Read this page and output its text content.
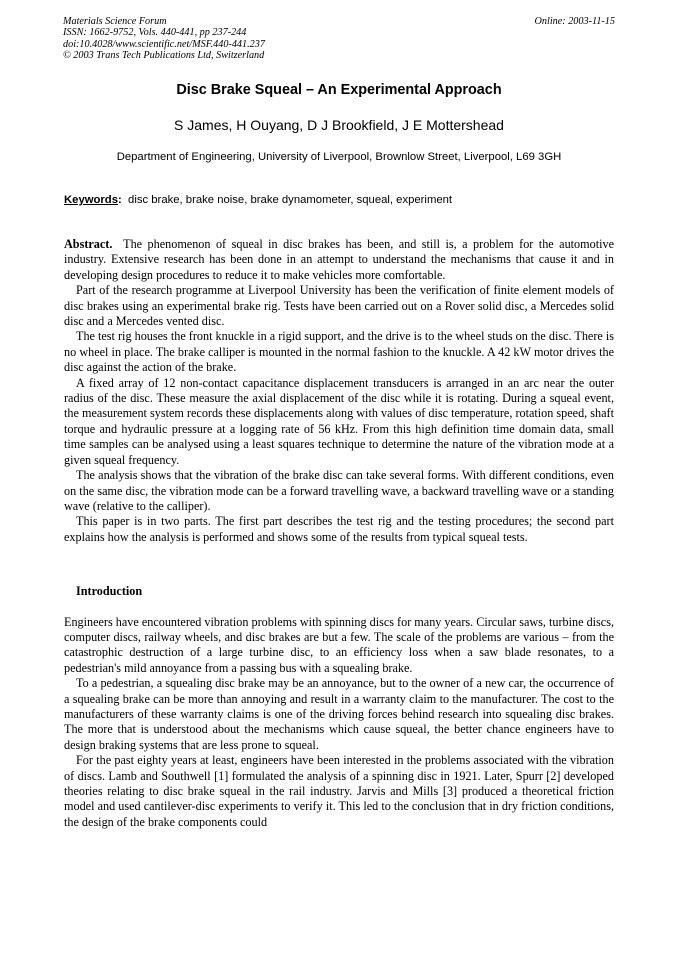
Materials Science Forum
ISSN: 1662-9752, Vols. 440-441, pp 237-244
doi:10.4028/www.scientific.net/MSF.440-441.237
© 2003 Trans Tech Publications Ltd, Switzerland
Online: 2003-11-15
Disc Brake Squeal – An Experimental Approach
S James, H Ouyang, D J Brookfield, J E Mottershead
Department of Engineering, University of Liverpool, Brownlow Street, Liverpool, L69 3GH
Keywords: disc brake, brake noise, brake dynamometer, squeal, experiment

Abstract. The phenomenon of squeal in disc brakes has been, and still is, a problem for the automotive industry. Extensive research has been done in an attempt to understand the mechanisms that cause it and in developing design procedures to reduce it to make vehicles more comfortable.

Part of the research programme at Liverpool University has been the verification of finite element models of disc brakes using an experimental brake rig. Tests have been carried out on a Rover solid disc, a Mercedes solid disc and a Mercedes vented disc.

The test rig houses the front knuckle in a rigid support, and the drive is to the wheel studs on the disc. There is no wheel in place. The brake calliper is mounted in the normal fashion to the knuckle. A 42 kW motor drives the disc against the action of the brake.

A fixed array of 12 non-contact capacitance displacement transducers is arranged in an arc near the outer radius of the disc. These measure the axial displacement of the disc while it is rotating. During a squeal event, the measurement system records these displacements along with values of disc temperature, rotation speed, shaft torque and hydraulic pressure at a logging rate of 56 kHz. From this high definition time domain data, small time samples can be analysed using a least squares technique to determine the nature of the vibration mode at a given squeal frequency.

The analysis shows that the vibration of the brake disc can take several forms. With different conditions, even on the same disc, the vibration mode can be a forward travelling wave, a backward travelling wave or a standing wave (relative to the calliper).

This paper is in two parts. The first part describes the test rig and the testing procedures; the second part explains how the analysis is performed and shows some of the results from typical squeal tests.

Introduction

Engineers have encountered vibration problems with spinning discs for many years. Circular saws, turbine discs, computer discs, railway wheels, and disc brakes are but a few. The scale of the problems are various – from the catastrophic destruction of a large turbine disc, to an efficiency loss when a saw blade resonates, to a pedestrian's mild annoyance from a passing bus with a squealing brake.

To a pedestrian, a squealing disc brake may be an annoyance, but to the owner of a new car, the occurrence of a squealing brake can be more than annoying and result in a warranty claim to the manufacturer. The cost to the manufacturers of these warranty claims is one of the driving forces behind research into squealing disc brakes. The more that is understood about the mechanisms which cause squeal, the better chance engineers have to design braking systems that are less prone to squeal.

For the past eighty years at least, engineers have been interested in the problems associated with the vibration of discs. Lamb and Southwell [1] formulated the analysis of a spinning disc in 1921. Later, Spurr [2] developed theories relating to disc brake squeal in the rail industry. Jarvis and Mills [3] produced a theoretical friction model and used cantilever-disc experiments to verify it. This led to the conclusion that in dry friction conditions, the design of the brake components could
